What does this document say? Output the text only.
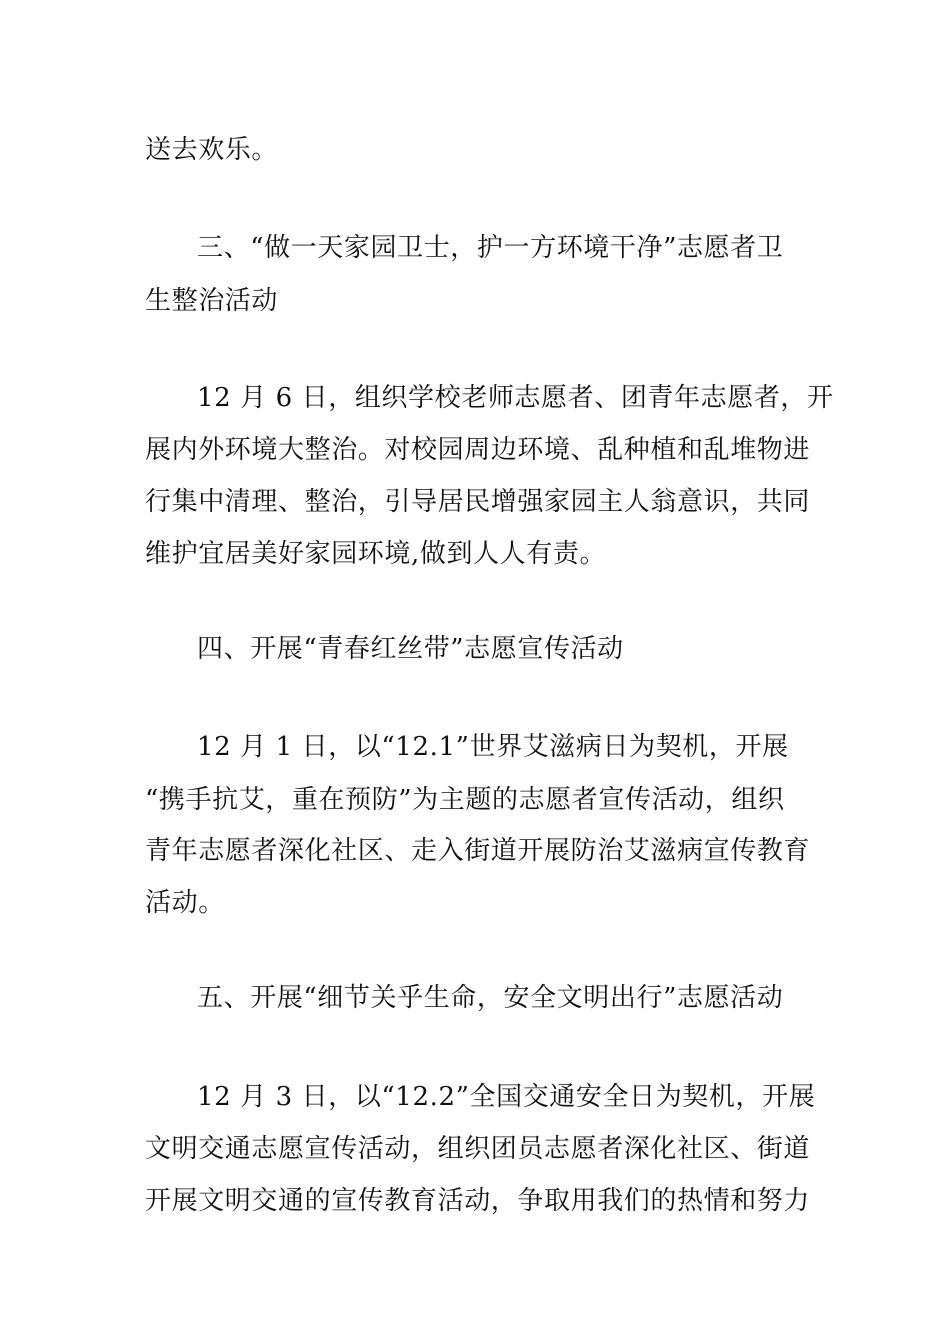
送去欢乐。

三、“做一天家园卫士，护一方环境干净”志愿者卫

生整治活动

12 月 6 日，组织学校老师志愿者、团青年志愿者，开

展内外环境大整治。对校园周边环境、乱种植和乱堆物进

行集中清理、整治，引导居民增强家园主人翁意识，共同

维护宜居美好家园环境,做到人人有责。

四、开展“青春红丝带”志愿宣传活动

12 月 1 日，以“12.1”世界艾滋病日为契机，开展

“携手抗艾，重在预防”为主题的志愿者宣传活动，组织

青年志愿者深化社区、走入街道开展防治艾滋病宣传教育

活动。

五、开展“细节关乎生命，安全文明出行”志愿活动

12 月 3 日，以“12.2”全国交通安全日为契机，开展

文明交通志愿宣传活动，组织团员志愿者深化社区、街道

开展文明交通的宣传教育活动，争取用我们的热情和努力
